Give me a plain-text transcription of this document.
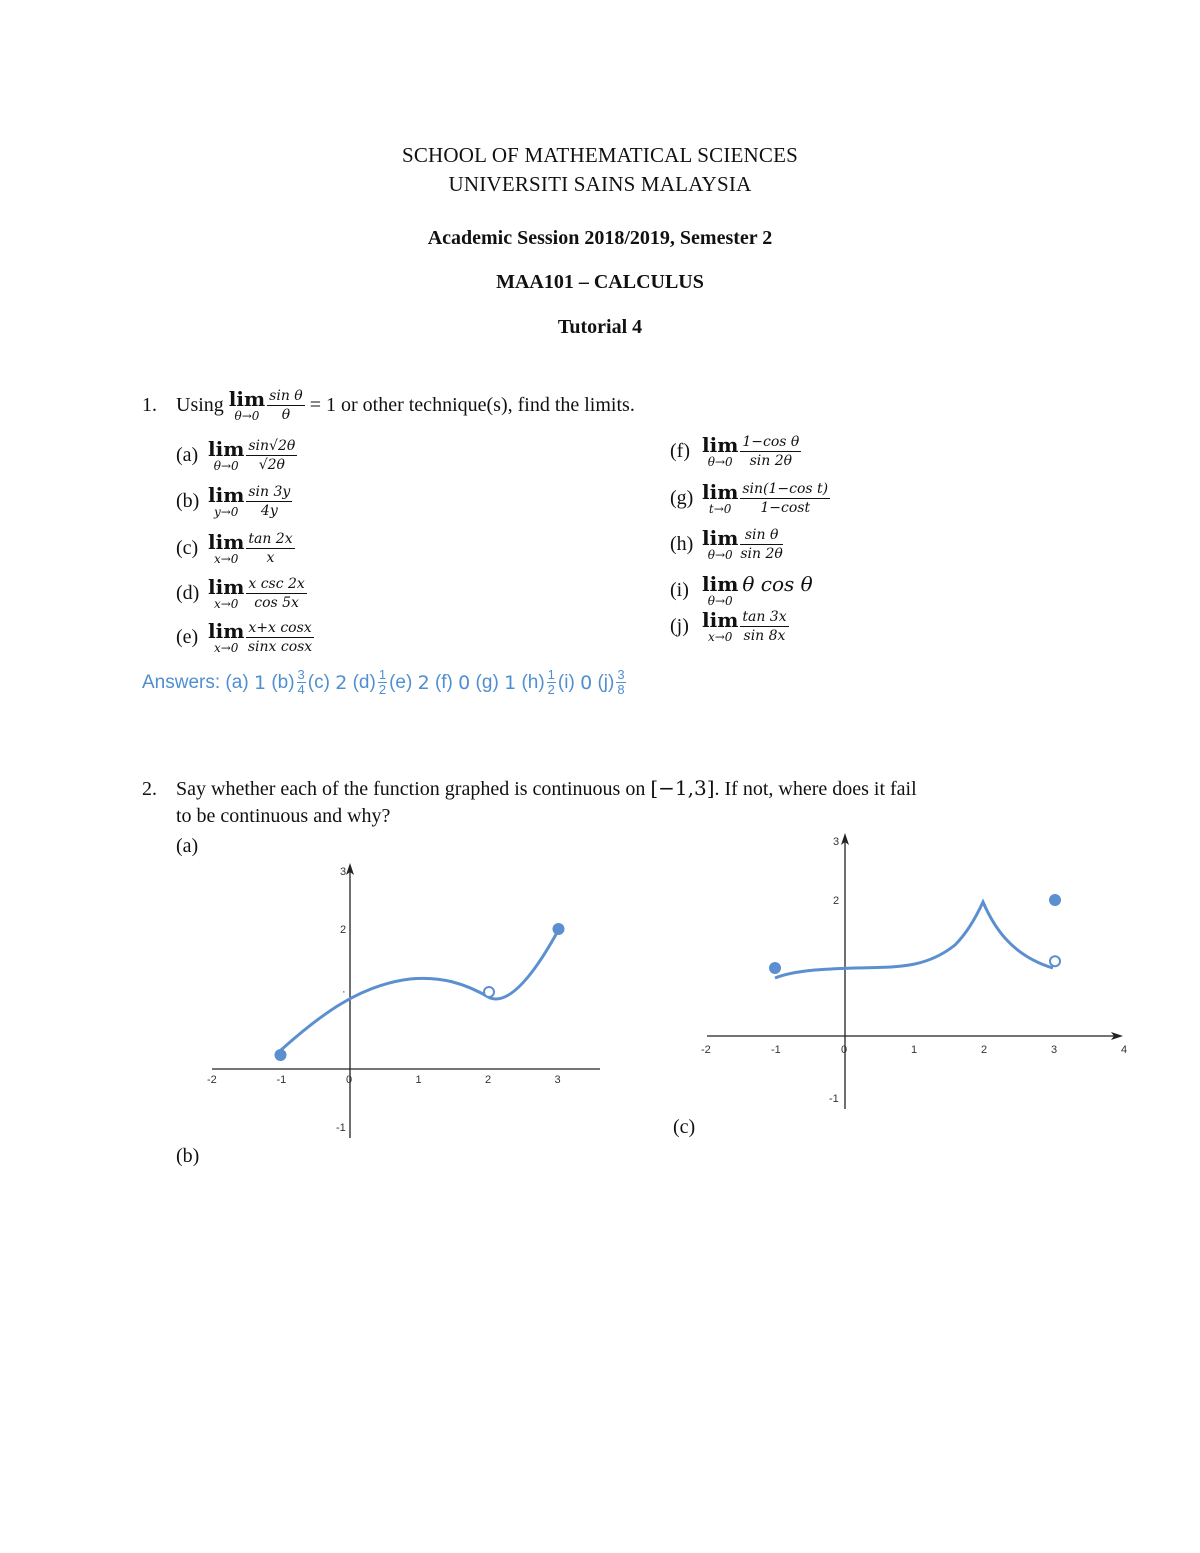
SCHOOL OF MATHEMATICAL SCIENCES
UNIVERSITI SAINS MALAYSIA
Academic Session 2018/2019, Semester 2
MAA101 – CALCULUS
Tutorial 4
1. Using
lim
$\theta\to 0 \frac{\text{sin θ}}{\theta}$
= 1 or other technique(s), find the limits.
(a) lim
$\theta\to 0 \frac{\sin√2\theta}{√2\theta}$
(b) lim
$y\to 0 \frac{\sin 3y}{4y}$
(c) lim
$x\to 0 \frac{\tan 2x}{x}$
(d) lim
$x\to 0 \frac{\text{x csc 2x}}{\cos 5x}$
(e) lim
$x\to 0 \frac{\text{x+x cosx}}{\text{sinx cosx}}$
(f) lim
$\theta\to 0 \frac{\text{1−cos θ}}{\sin 2\theta}$
(g) lim
$t\to 0 \frac{\text{sin(1−cos t)}}{1-\cos t}$
(h) lim
$\theta\to 0 \frac{\text{sin θ}}{\sin 2\theta}$
(i) lim
θ→0
θ cos θ
(j) lim
$x\to 0 \frac{\tan 3x}{\sin 8x}$
Answers:
(a)
1
(b) 3
4 (c)
2
(d) 1
2 (e)
2
(f)
0
(g)
1
(h) 1
2 (i)
0
(j) 3
8
2. Say whether each of the function graphed is continuous on [−1,3]. If not, where does it fail
to be continuous and why?
(a)
(b)
(c)
-2	-1	0	1	2	3
3
2
·
-1
-2	-1	0	1	2	3	4
3
2
-1
